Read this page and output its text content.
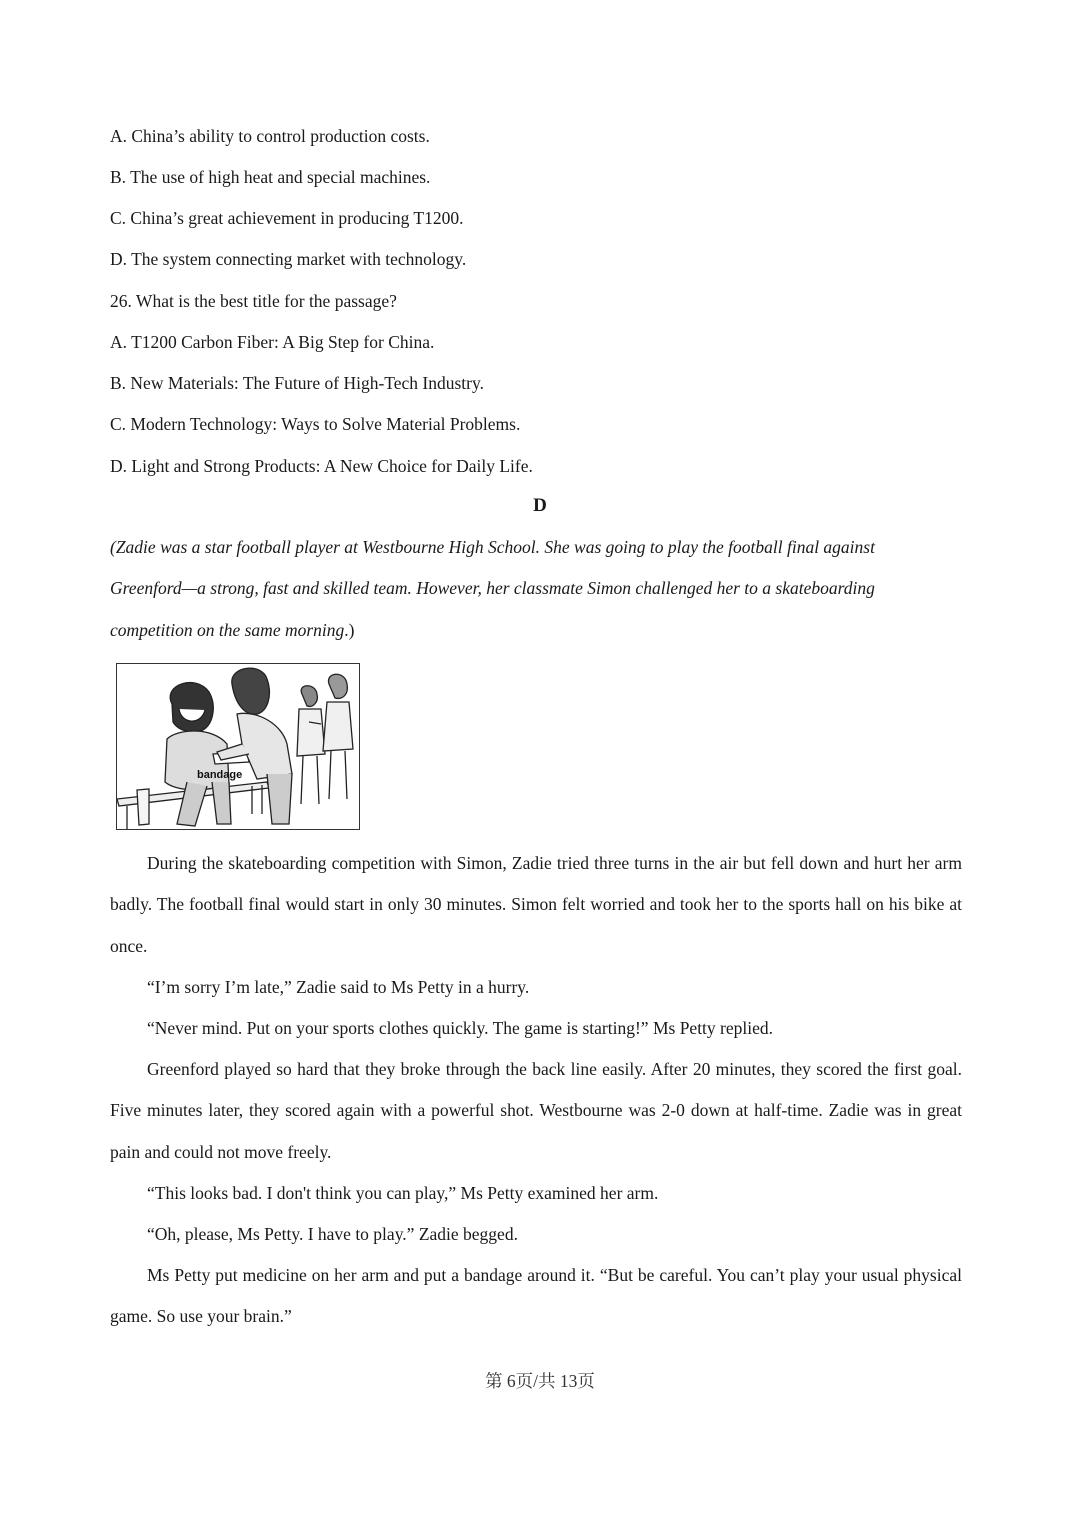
A. China’s ability to control production costs.
B. The use of high heat and special machines.
C. China’s great achievement in producing T1200.
D. The system connecting market with technology.
26. What is the best title for the passage?
A. T1200 Carbon Fiber: A Big Step for China.
B. New Materials: The Future of High-Tech Industry.
C. Modern Technology: Ways to Solve Material Problems.
D. Light and Strong Products: A New Choice for Daily Life.
D
(Zadie was a star football player at Westbourne High School. She was going to play the football final against Greenford—a strong, fast and skilled team. However, her classmate Simon challenged her to a skateboarding competition on the same morning.)
bandage
During the skateboarding competition with Simon, Zadie tried three turns in the air but fell down and hurt her arm badly. The football final would start in only 30 minutes. Simon felt worried and took her to the sports hall on his bike at once.
“I’m sorry I’m late,” Zadie said to Ms Petty in a hurry.
“Never mind. Put on your sports clothes quickly. The game is starting!” Ms Petty replied.
Greenford played so hard that they broke through the back line easily. After 20 minutes, they scored the first goal. Five minutes later, they scored again with a powerful shot. Westbourne was 2-0 down at half-time. Zadie was in great pain and could not move freely.
“This looks bad. I don't think you can play,” Ms Petty examined her arm.
“Oh, please, Ms Petty. I have to play.” Zadie begged.
Ms Petty put medicine on her arm and put a bandage around it. “But be careful. You can’t play your usual physical game. So use your brain.”
第 6页/共 13页
